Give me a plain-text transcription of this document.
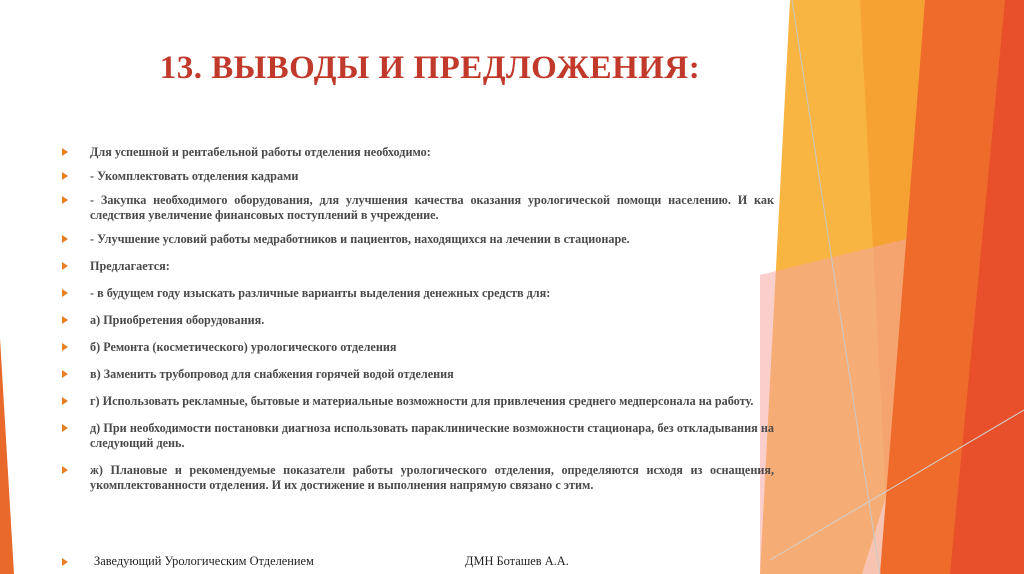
13. ВЫВОДЫ И ПРЕДЛОЖЕНИЯ:
Для успешной и рентабельной работы отделения необходимо:
- Укомплектовать отделения кадрами
- Закупка необходимого оборудования, для улучшения качества оказания урологической помощи населению. И как следствия увеличение финансовых поступлений в учреждение.
- Улучшение условий работы медработников и пациентов, находящихся на лечении в стационаре.
Предлагается:
- в будущем году изыскать различные варианты выделения денежных средств для:
а) Приобретения оборудования.
б) Ремонта (косметического) урологического отделения
в) Заменить трубопровод для снабжения горячей водой отделения
г) Использовать рекламные, бытовые и материальные возможности для привлечения среднего медперсонала на работу.
д) При необходимости постановки диагноза использовать параклинические возможности стационара, без откладывания на следующий день.
ж) Плановые и рекомендуемые показатели работы урологического отделения, определяются исходя из оснащения, укомплектованности отделения. И их достижение и выполнения напрямую связано с этим.
Заведующий Урологическим Отделением	ДМН Боташев А.А.
